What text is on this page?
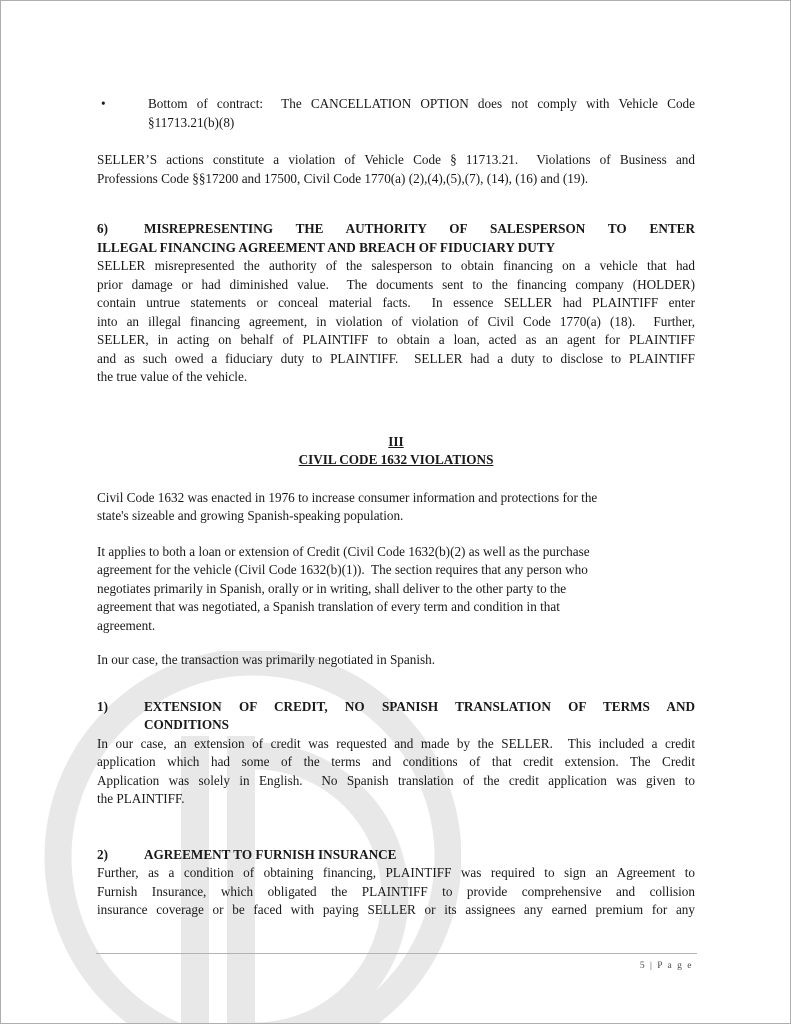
•	Bottom of contract:  The CANCELLATION OPTION does not comply with Vehicle Code
§11713.21(b)(8)
SELLER’S actions constitute a violation of Vehicle Code § 11713.21.  Violations of Business and
Professions Code §§17200 and 17500, Civil Code 1770(a) (2),(4),(5),(7), (14), (16) and (19).
6)	MISREPRESENTING THE AUTHORITY OF SALESPERSON TO ENTER
ILLEGAL FINANCING AGREEMENT AND BREACH OF FIDUCIARY DUTY
SELLER misrepresented the authority of the salesperson to obtain financing on a vehicle that had
prior damage or had diminished value.  The documents sent to the financing company (HOLDER)
contain untrue statements or conceal material facts.  In essence SELLER had PLAINTIFF enter
into an illegal financing agreement, in violation of violation of Civil Code 1770(a) (18).  Further,
SELLER, in acting on behalf of PLAINTIFF to obtain a loan, acted as an agent for PLAINTIFF
and as such owed a fiduciary duty to PLAINTIFF.  SELLER had a duty to disclose to PLAINTIFF
the true value of the vehicle.
III
CIVIL CODE 1632 VIOLATIONS
Civil Code 1632 was enacted in 1976 to increase consumer information and protections for the
state's sizeable and growing Spanish-speaking population.
It applies to both a loan or extension of Credit (Civil Code 1632(b)(2) as well as the purchase
agreement for the vehicle (Civil Code 1632(b)(1)).  The section requires that any person who
negotiates primarily in Spanish, orally or in writing, shall deliver to the other party to the
agreement that was negotiated, a Spanish translation of every term and condition in that
agreement.
In our case, the transaction was primarily negotiated in Spanish.
1)	EXTENSION OF CREDIT, NO SPANISH TRANSLATION OF TERMS AND
CONDITIONS
In our case, an extension of credit was requested and made by the SELLER.  This included a credit
application which had some of the terms and conditions of that credit extension. The Credit
Application was solely in English.  No Spanish translation of the credit application was given to
the PLAINTIFF.
2)	AGREEMENT TO FURNISH INSURANCE
Further, as a condition of obtaining financing, PLAINTIFF was required to sign an Agreement to
Furnish Insurance, which obligated the PLAINTIFF to provide comprehensive and collision
insurance coverage or be faced with paying SELLER or its assignees any earned premium for any
5 | P a g e
